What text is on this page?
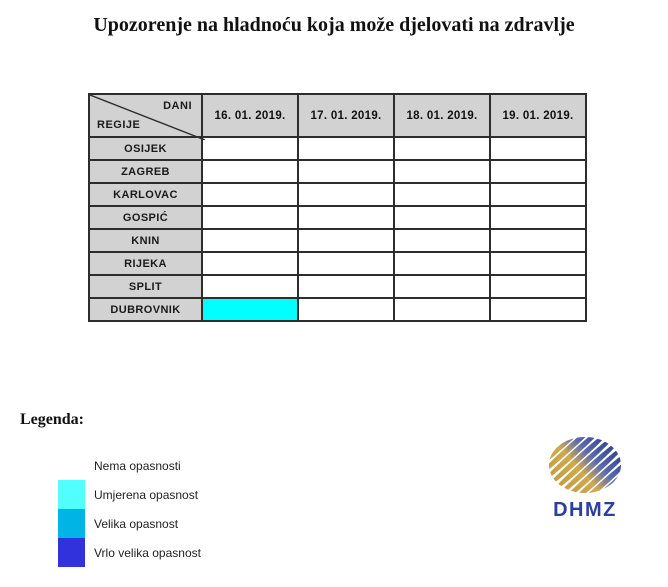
Upozorenje na hladnoću koja može djelovati na zdravlje
DANI
REGIJE	16. 01. 2019.	17. 01. 2019.	18. 01. 2019.	19. 01. 2019.
OSIJEK				
ZAGREB				
KARLOVAC				
GOSPIĆ				
KNIN				
RIJEKA				
SPLIT				
DUBROVNIK				
Legenda:
Nema opasnosti
Umjerena opasnost
Velika opasnost
Vrlo velika opasnost
DHMZ
